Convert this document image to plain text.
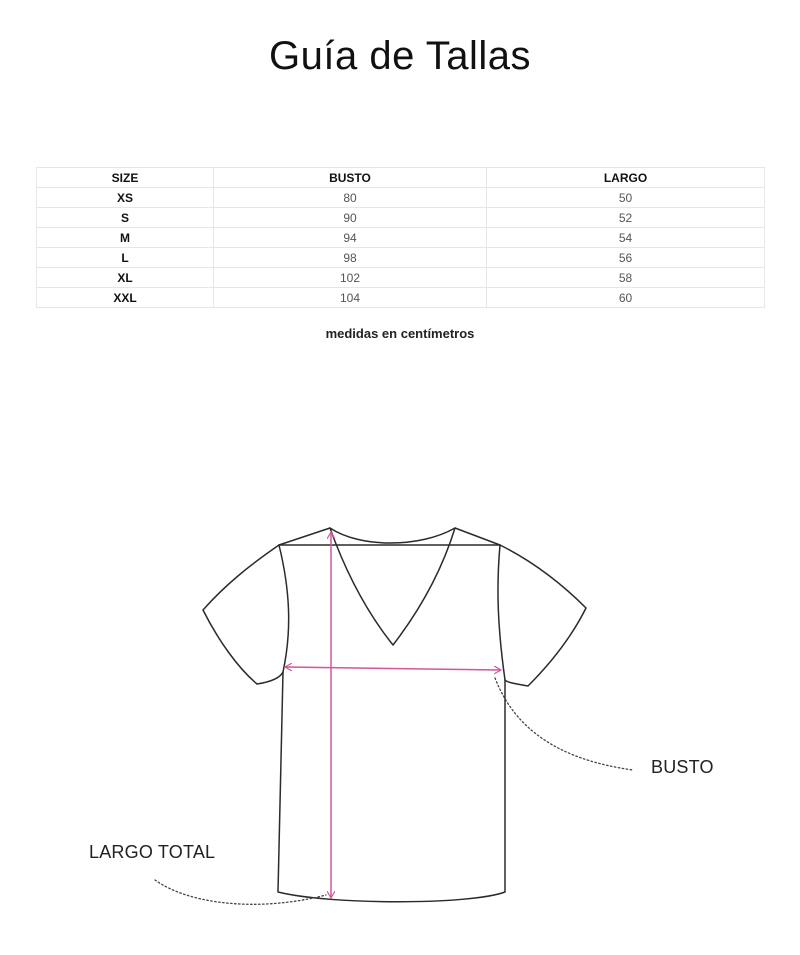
Guía de Tallas
SIZE	BUSTO	LARGO
XS	80	50
S	90	52
M	94	54
L	98	56
XL	102	58
XXL	104	60
medidas en centímetros
BUSTO
LARGO TOTAL
